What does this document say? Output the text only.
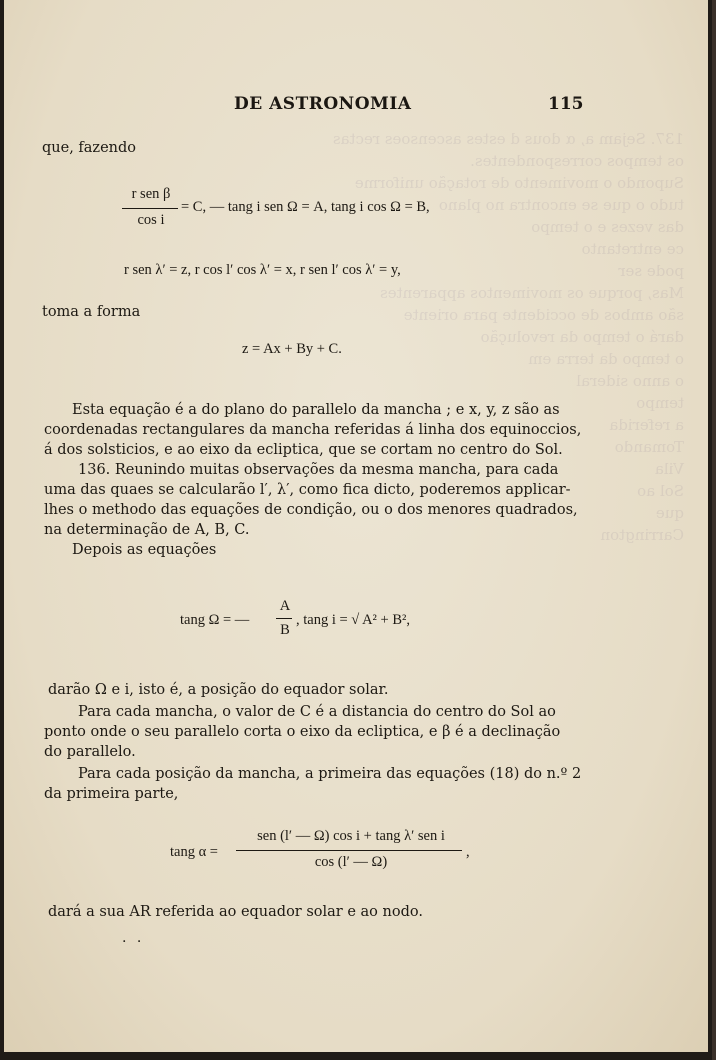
137. Sejam a, α dous d estes ascensoes rectas
os tempos correspondentes.
Supondo o movimento de rotação uniforme
tudo o que se encontra no plano
das vezes e o tempo
ce entretanto
pode ser
Mas, porque os movimentos apparentes
são ambos de occidente para oriente
dará o tempo da revolução
o tempo da terra em
o anno sideral
tempo
a referida
Tomando
Vila
Sol ao
que
Carrington
DE ASTRONOMIA	115
que, fazendo
r sen β
cos i
= C, — tang i sen Ω = A, tang i cos Ω = B,
r sen λ′ = z, r cos l′ cos λ′ = x, r sen l′ cos λ′ = y,
toma a forma
z = Ax + By + C.
Esta equação é a do plano do parallelo da mancha ; e x, y, z são as
coordenadas rectangulares da mancha referidas á linha dos equinoccios,
á dos solsticios, e ao eixo da ecliptica, que se cortam no centro do Sol.
136. Reunindo muitas observações da mesma mancha, para cada
uma das quaes se calcularão l′, λ′, como fica dicto, poderemos applicar-
lhes o methodo das equações de condição, ou o dos menores quadrados,
na determinação de A, B, C.
Depois as equações
tang Ω = —
A
B
, tang i = √ A² + B²,
darão Ω e i, isto é, a posição do equador solar.
Para cada mancha, o valor de C é a distancia do centro do Sol ao
ponto onde o seu parallelo corta o eixo da ecliptica, e β é a declinação
do parallelo.
Para cada posição da mancha, a primeira das equações (18) do n.º 2
da primeira parte,
tang α =
sen (l′ — Ω) cos i + tang λ′ sen i
cos (l′ — Ω)
,
dará a sua AR referida ao equador solar e ao nodo.
. .
